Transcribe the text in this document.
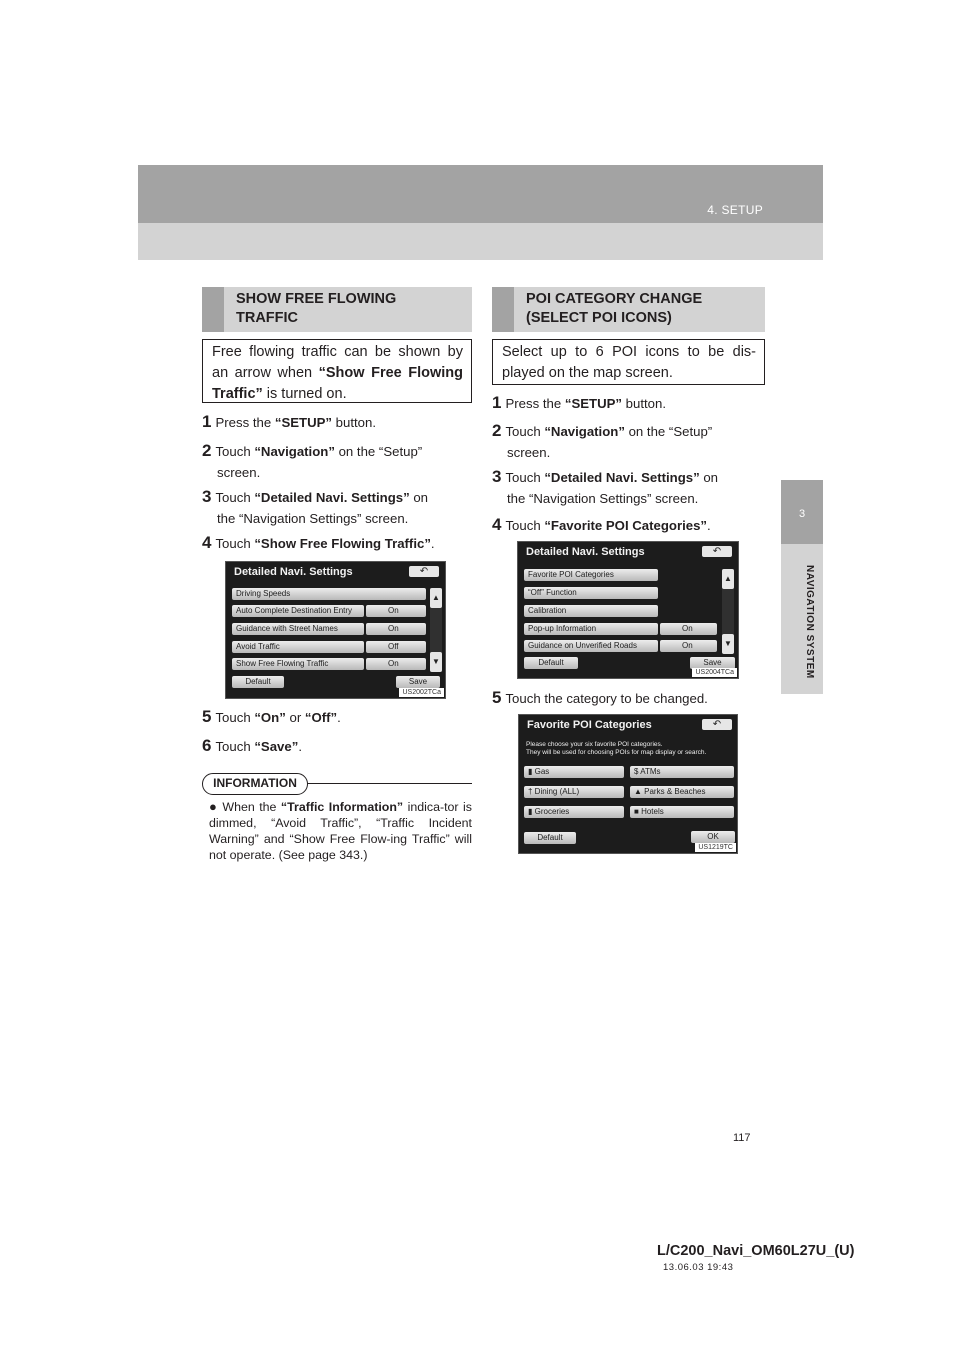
4. SETUP
3
NAVIGATION SYSTEM
SHOW FREE FLOWING TRAFFIC
Free flowing traffic can be shown by an arrow when “Show Free Flowing Traffic” is turned on.
1 Press the “SETUP” button.
2 Touch “Navigation” on the “Setup”
screen.
3 Touch “Detailed Navi. Settings” on
the “Navigation Settings” screen.
4 Touch “Show Free Flowing Traffic”.
Detailed Navi. Settings	↶
Driving Speeds
Auto Complete Destination Entry	On
Guidance with Street Names	On
Avoid Traffic	Off
Show Free Flowing Traffic	On
▲
▼
Default	Save
US2002TCa
5 Touch “On” or “Off”.
6 Touch “Save”.
INFORMATION
● When the “Traffic Information” indica-tor is dimmed, “Avoid Traffic”, “Traffic Incident Warning” and “Show Free Flow-ing Traffic” will not operate. (See page 343.)
POI CATEGORY CHANGE (SELECT POI ICONS)
Select up to 6 POI icons to be dis-played on the map screen.
1 Press the “SETUP” button.
2 Touch “Navigation” on the “Setup”
screen.
3 Touch “Detailed Navi. Settings” on
the “Navigation Settings” screen.
4 Touch “Favorite POI Categories”.
Detailed Navi. Settings	↶
Favorite POI Categories
“Off” Function
Calibration
Pop-up Information	On
Guidance on Unverified Roads	On
▲
▼
Default	Save
US2004TCa
5 Touch the category to be changed.
Favorite POI Categories	↶
Please choose your six favorite POI categories.
They will be used for choosing POIs for map display or search.
▮ Gas	$ ATMs
† Dining (ALL)	▲ Parks & Beaches
▮ Groceries	■ Hotels
Default	OK
US1219TC
117
L/C200_Navi_OM60L27U_(U)
13.06.03 19:43
